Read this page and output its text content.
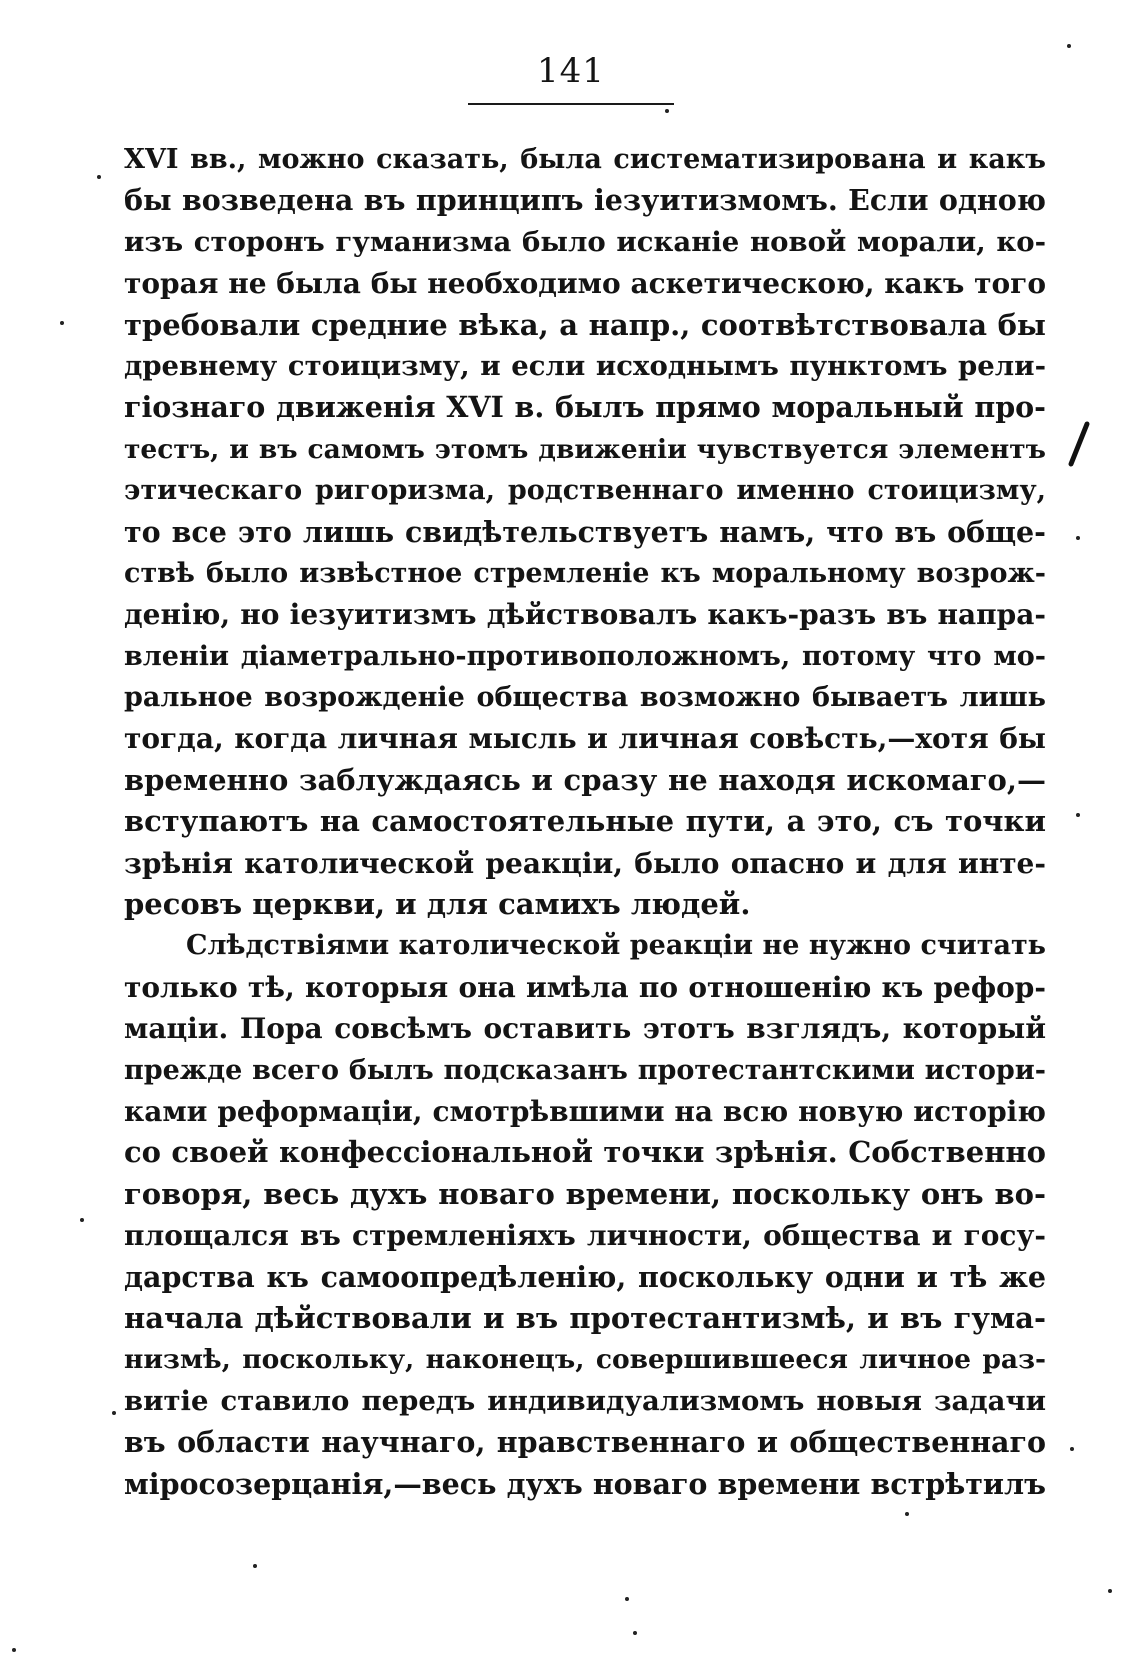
141
XVI вв., можно сказать, была систематизирована и какъ
бы возведена въ принципъ iезуитизмомъ. Если одною
изъ сторонъ гуманизма было исканiе новой морали, ко-
торая не была бы необходимо аскетическою, какъ того
требовали средние вѣка, а напр., соотвѣтствовала бы
древнему стоицизму, и если исходнымъ пунктомъ рели-
гiознаго движенiя XVI в. былъ прямо моральный про-
тестъ, и въ самомъ этомъ движенiи чувствуется элементъ
этическаго ригоризма, родственнаго именно стоицизму,
то все это лишь свидѣтельствуетъ намъ, что въ обще-
ствѣ было извѣстное стремленiе къ моральному возрож-
денiю, но iезуитизмъ дѣйствовалъ какъ-разъ въ напра-
вленiи дiаметрально-противоположномъ, потому что мо-
ральное возрожденiе общества возможно бываетъ лишь
тогда, когда личная мысль и личная совѣсть,—хотя бы
временно заблуждаясь и сразу не находя искомаго,—
вступаютъ на самостоятельные пути, а это, съ точки
зрѣнiя католической реакцiи, было опасно и для инте-
ресовъ церкви, и для самихъ людей.
Слѣдствiями католической реакцiи не нужно считать
только тѣ, которыя она имѣла по отношенiю къ рефор-
мацiи. Пора совсѣмъ оставить этотъ взглядъ, который
прежде всего былъ подсказанъ протестантскими истори-
ками реформацiи, смотрѣвшими на всю новую исторiю
со своей конфессiональной точки зрѣнiя. Собственно
говоря, весь духъ новаго времени, поскольку онъ во-
площался въ стремленiяхъ личности, общества и госу-
дарства къ самоопредѣленiю, поскольку одни и тѣ же
начала дѣйствовали и въ протестантизмѣ, и въ гума-
низмѣ, поскольку, наконецъ, совершившееся личное раз-
витiе ставило передъ индивидуализмомъ новыя задачи
въ области научнаго, нравственнаго и общественнаго
мiросозерцанiя,—весь духъ новаго времени встрѣтилъ
